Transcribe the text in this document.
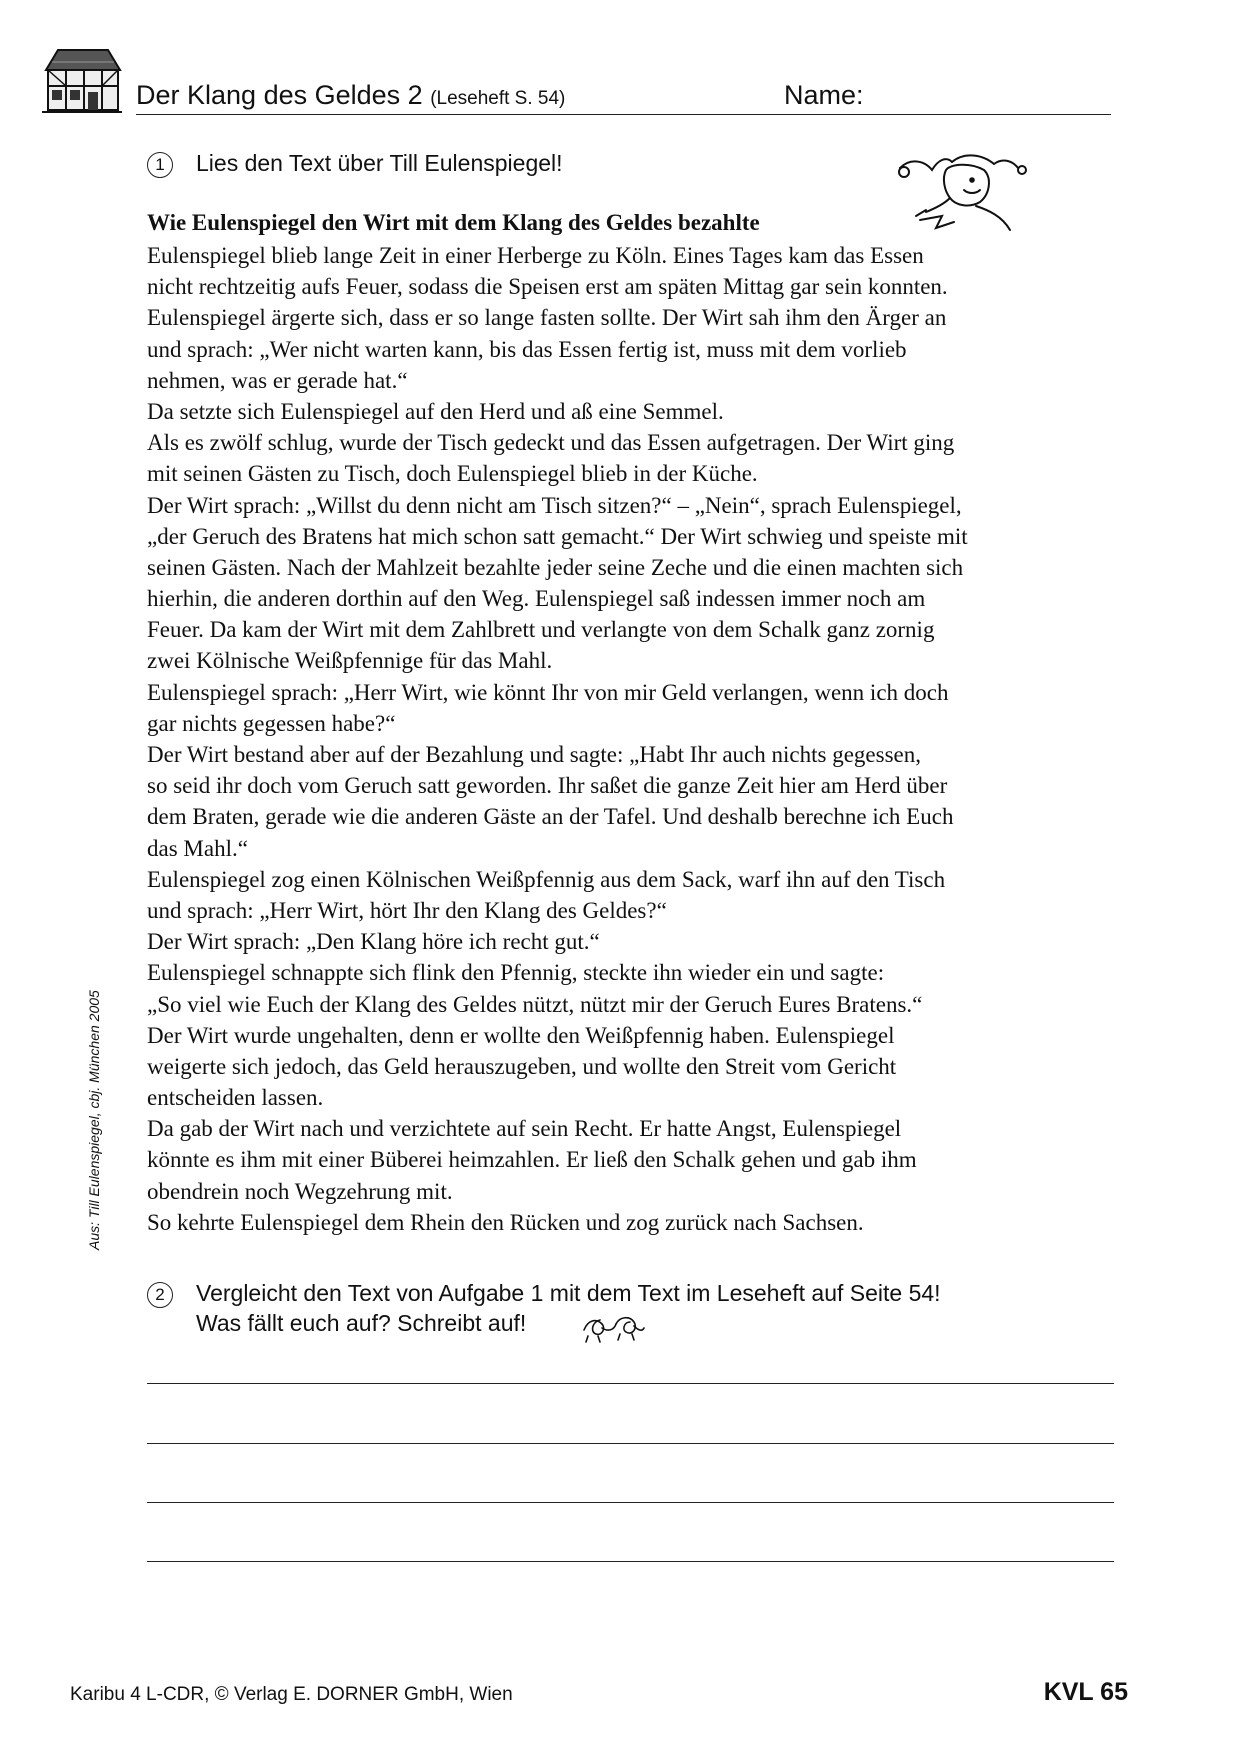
Der Klang des Geldes 2 (Leseheft S. 54)	Name:
1	Lies den Text über Till Eulenspiegel!
Wie Eulenspiegel den Wirt mit dem Klang des Geldes bezahlte
Eulenspiegel blieb lange Zeit in einer Herberge zu Köln. Eines Tages kam das Essen
nicht rechtzeitig aufs Feuer, sodass die Speisen erst am späten Mittag gar sein konnten.
Eulenspiegel ärgerte sich, dass er so lange fasten sollte. Der Wirt sah ihm den Ärger an
und sprach: „Wer nicht warten kann, bis das Essen fertig ist, muss mit dem vorlieb
nehmen, was er gerade hat.“
Da setzte sich Eulenspiegel auf den Herd und aß eine Semmel.
Als es zwölf schlug, wurde der Tisch gedeckt und das Essen aufgetragen. Der Wirt ging
mit seinen Gästen zu Tisch, doch Eulenspiegel blieb in der Küche.
Der Wirt sprach: „Willst du denn nicht am Tisch sitzen?“ – „Nein“, sprach Eulenspiegel,
„der Geruch des Bratens hat mich schon satt gemacht.“ Der Wirt schwieg und speiste mit
seinen Gästen. Nach der Mahlzeit bezahlte jeder seine Zeche und die einen machten sich
hierhin, die anderen dorthin auf den Weg. Eulenspiegel saß indessen immer noch am
Feuer. Da kam der Wirt mit dem Zahlbrett und verlangte von dem Schalk ganz zornig
zwei Kölnische Weißpfennige für das Mahl.
Eulenspiegel sprach: „Herr Wirt, wie könnt Ihr von mir Geld verlangen, wenn ich doch
gar nichts gegessen habe?“
Der Wirt bestand aber auf der Bezahlung und sagte: „Habt Ihr auch nichts gegessen,
so seid ihr doch vom Geruch satt geworden. Ihr saßet die ganze Zeit hier am Herd über
dem Braten, gerade wie die anderen Gäste an der Tafel. Und deshalb berechne ich Euch
das Mahl.“
Eulenspiegel zog einen Kölnischen Weißpfennig aus dem Sack, warf ihn auf den Tisch
und sprach: „Herr Wirt, hört Ihr den Klang des Geldes?“
Der Wirt sprach: „Den Klang höre ich recht gut.“
Eulenspiegel schnappte sich flink den Pfennig, steckte ihn wieder ein und sagte:
„So viel wie Euch der Klang des Geldes nützt, nützt mir der Geruch Eures Bratens.“
Der Wirt wurde ungehalten, denn er wollte den Weißpfennig haben. Eulenspiegel
weigerte sich jedoch, das Geld herauszugeben, und wollte den Streit vom Gericht
entscheiden lassen.
Da gab der Wirt nach und verzichtete auf sein Recht. Er hatte Angst, Eulenspiegel
könnte es ihm mit einer Büberei heimzahlen. Er ließ den Schalk gehen und gab ihm
obendrein noch Wegzehrung mit.
So kehrte Eulenspiegel dem Rhein den Rücken und zog zurück nach Sachsen.
2	Vergleicht den Text von Aufgabe 1 mit dem Text im Leseheft auf Seite 54!
Was fällt euch auf? Schreibt auf!
Aus: Till Eulenspiegel, cbj. München 2005
Karibu 4 L-CDR, © Verlag E. DORNER GmbH, Wien	KVL 65
